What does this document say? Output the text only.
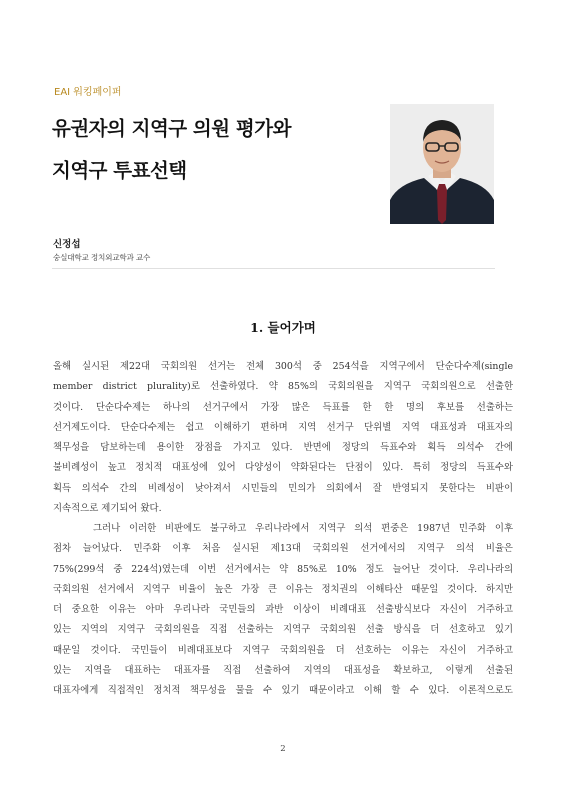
EAI 워킹페이퍼
유권자의 지역구 의원 평가와
지역구 투표선택
신정섭
숭실대학교 정치외교학과 교수
1. 들어가며
올해 실시된 제22대 국회의원 선거는 전체 300석 중 254석을 지역구에서 단순다수제(single
member district plurality)로 선출하였다. 약 85%의 국회의원을 지역구 국회의원으로 선출한
것이다. 단순다수제는 하나의 선거구에서 가장 많은 득표를 한 한 명의 후보를 선출하는
선거제도이다. 단순다수제는 쉽고 이해하기 편하며 지역 선거구 단위별 지역 대표성과 대표자의
책무성을 담보하는데 용이한 장점을 가지고 있다. 반면에 정당의 득표수와 획득 의석수 간에
불비례성이 높고 정치적 대표성에 있어 다양성이 약화된다는 단점이 있다. 특히 정당의 득표수와
획득 의석수 간의 비례성이 낮아져서 시민들의 민의가 의회에서 잘 반영되지 못한다는 비판이
지속적으로 제기되어 왔다.
그러나 이러한 비판에도 불구하고 우리나라에서 지역구 의석 편중은 1987년 민주화 이후
점차 늘어났다. 민주화 이후 처음 실시된 제13대 국회의원 선거에서의 지역구 의석 비율은
75%(299석 중 224석)였는데 이번 선거에서는 약 85%로 10% 정도 늘어난 것이다. 우리나라의
국회의원 선거에서 지역구 비율이 높은 가장 큰 이유는 정치권의 이해타산 때문일 것이다. 하지만
더 중요한 이유는 아마 우리나라 국민들의 과반 이상이 비례대표 선출방식보다 자신이 거주하고
있는 지역의 지역구 국회의원을 직접 선출하는 지역구 국회의원 선출 방식을 더 선호하고 있기
때문일 것이다. 국민들이 비례대표보다 지역구 국회의원을 더 선호하는 이유는 자신이 거주하고
있는 지역을 대표하는 대표자를 직접 선출하여 지역의 대표성을 확보하고, 이렇게 선출된
대표자에게 직접적인 정치적 책무성을 물을 수 있기 때문이라고 이해 할 수 있다. 이론적으로도
2
